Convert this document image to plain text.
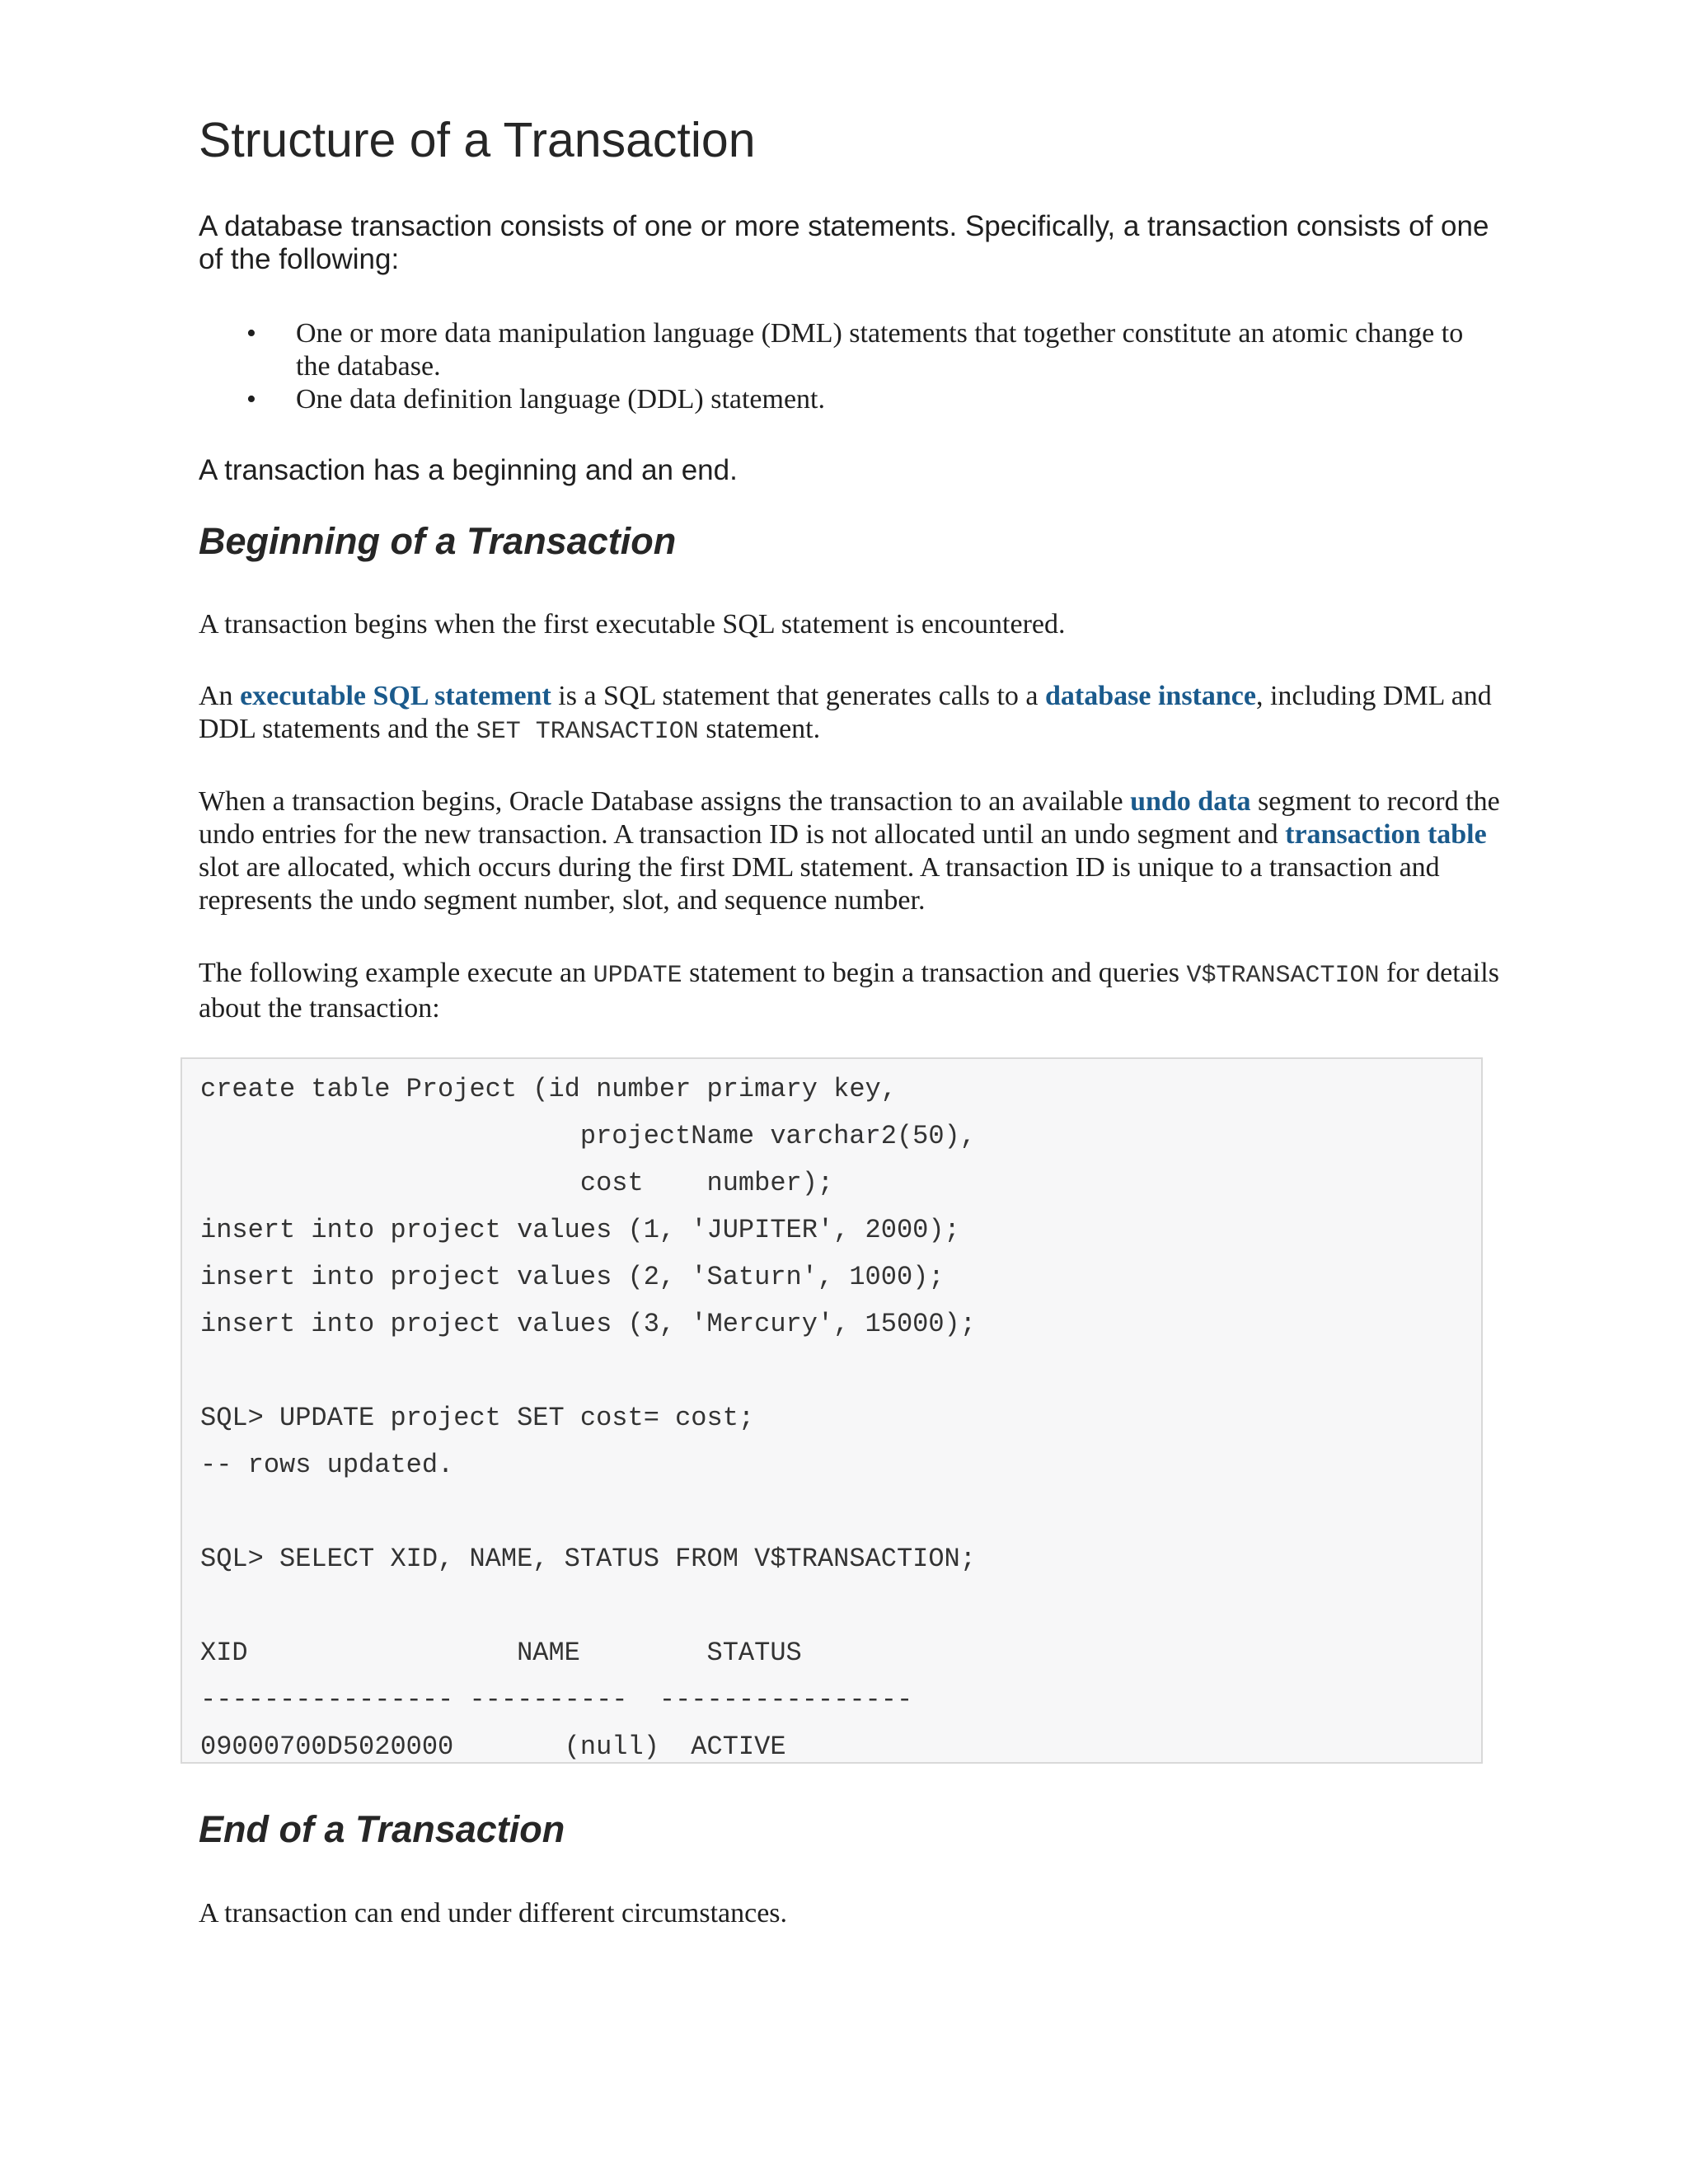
Structure of a Transaction

A database transaction consists of one or more statements. Specifically, a transaction consists of one of the following:

• One or more data manipulation language (DML) statements that together constitute an atomic change to the database.
• One data definition language (DDL) statement.

A transaction has a beginning and an end.

Beginning of a Transaction

A transaction begins when the first executable SQL statement is encountered.

An executable SQL statement is a SQL statement that generates calls to a database instance, including DML and DDL statements and the SET TRANSACTION statement.

When a transaction begins, Oracle Database assigns the transaction to an available undo data segment to record the undo entries for the new transaction. A transaction ID is not allocated until an undo segment and transaction table slot are allocated, which occurs during the first DML statement. A transaction ID is unique to a transaction and represents the undo segment number, slot, and sequence number.

The following example execute an UPDATE statement to begin a transaction and queries V$TRANSACTION for details about the transaction:

create table Project (id number primary key,
projectName varchar2(50),
cost    number);
insert into project values (1, 'JUPITER', 2000);
insert into project values (2, 'Saturn', 1000);
insert into project values (3, 'Mercury', 15000);

SQL> UPDATE project SET cost= cost;
-- rows updated.

SQL> SELECT XID, NAME, STATUS FROM V$TRANSACTION;

XID                 NAME        STATUS
---------------- ----------  ----------------
09000700D5020000       (null)  ACTIVE
End of a Transaction

A transaction can end under different circumstances.
